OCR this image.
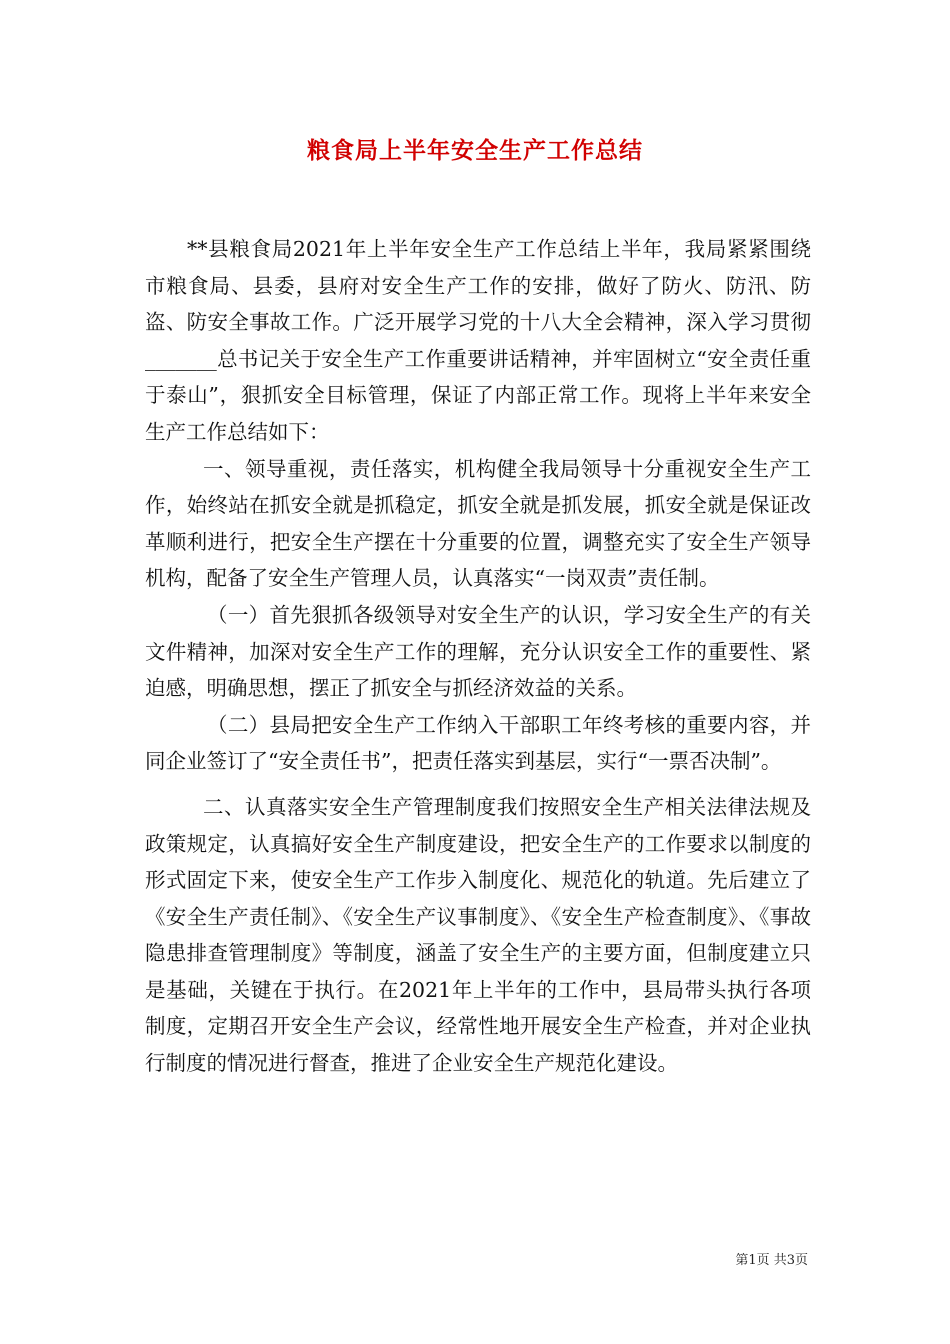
粮食局上半年安全生产工作总结

**县粮食局2021年上半年安全生产工作总结上半年，我局紧紧围绕市粮食局、县委，县府对安全生产工作的安排，做好了防火、防汛、防盗、防安全事故工作。广泛开展学习党的十八大全会精神，深入学习贯彻_______总书记关于安全生产工作重要讲话精神，并牢固树立“安全责任重于泰山”，狠抓安全目标管理，保证了内部正常工作。现将上半年来安全生产工作总结如下：

一、领导重视，责任落实，机构健全我局领导十分重视安全生产工作，始终站在抓安全就是抓稳定，抓安全就是抓发展，抓安全就是保证改革顺利进行，把安全生产摆在十分重要的位置，调整充实了安全生产领导机构，配备了安全生产管理人员，认真落实“一岗双责”责任制。

（一）首先狠抓各级领导对安全生产的认识，学习安全生产的有关文件精神，加深对安全生产工作的理解，充分认识安全工作的重要性、紧迫感，明确思想，摆正了抓安全与抓经济效益的关系。

（二）县局把安全生产工作纳入干部职工年终考核的重要内容，并同企业签订了“安全责任书”，把责任落实到基层，实行“一票否决制”。

二、认真落实安全生产管理制度我们按照安全生产相关法律法规及政策规定，认真搞好安全生产制度建设，把安全生产的工作要求以制度的形式固定下来，使安全生产工作步入制度化、规范化的轨道。先后建立了《安全生产责任制》、《安全生产议事制度》、《安全生产检查制度》、《事故隐患排查管理制度》等制度，涵盖了安全生产的主要方面，但制度建立只是基础，关键在于执行。在2021年上半年的工作中，县局带头执行各项制度，定期召开安全生产会议，经常性地开展安全生产检查，并对企业执行制度的情况进行督查，推进了企业安全生产规范化建设。

第1页 共3页
